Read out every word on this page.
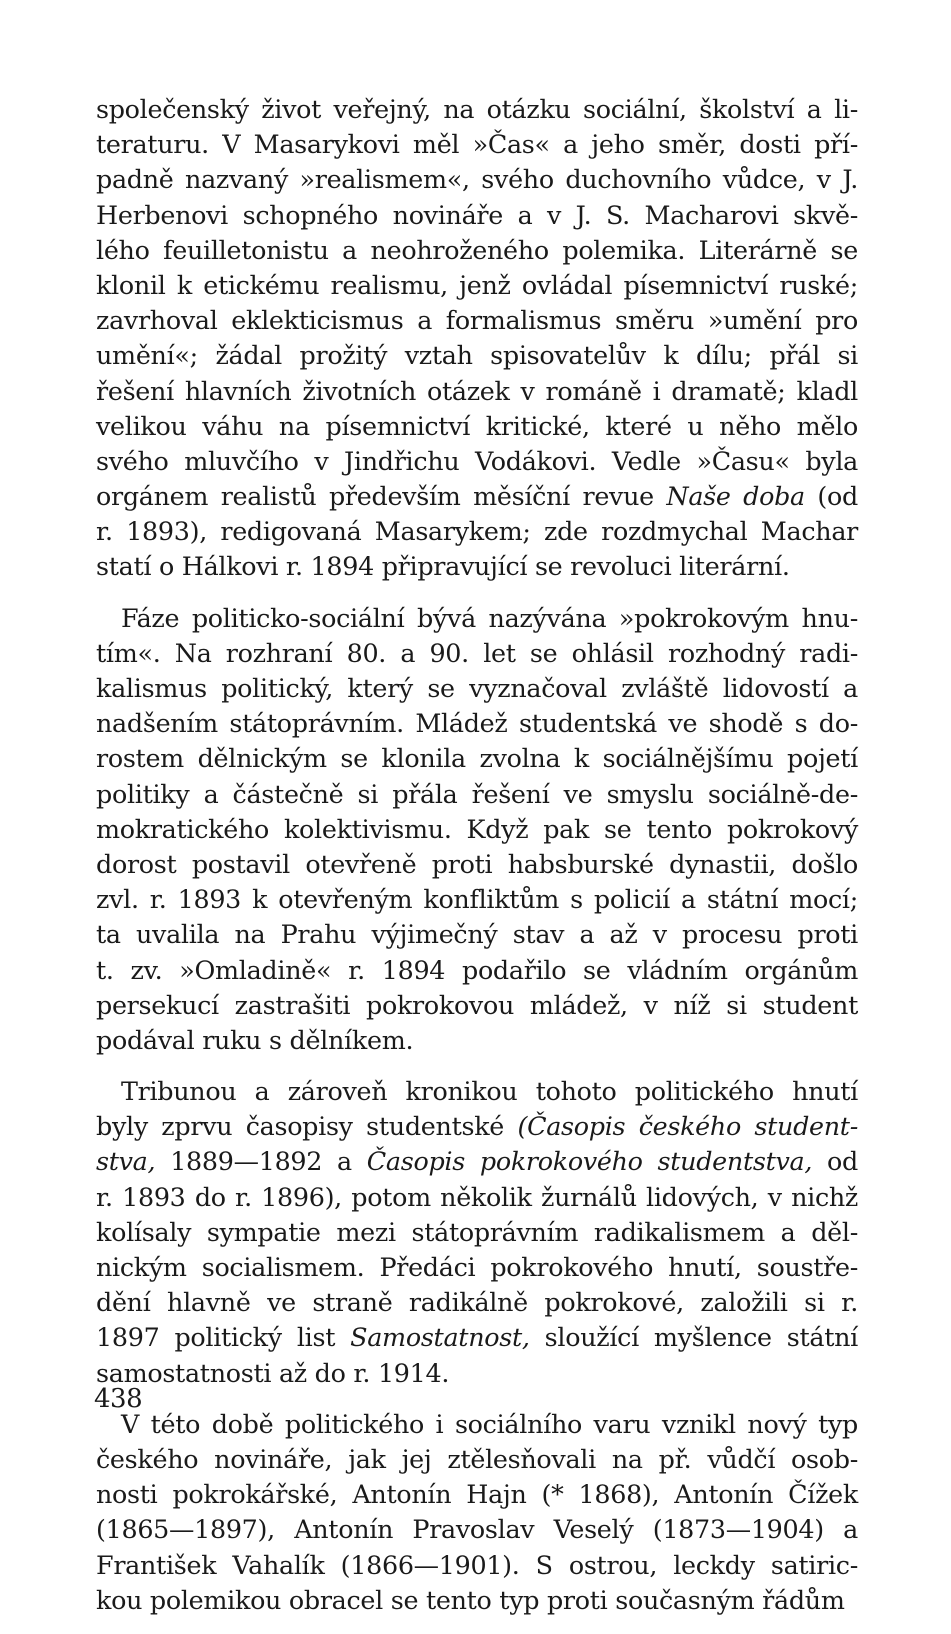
společenský život veřejný, na otázku sociální, školství a li-
teraturu. V Masarykovi měl »Čas« a jeho směr, dosti pří-
padně nazvaný »realismem«, svého duchovního vůdce, v J.
Herbenovi schopného novináře a v J. S. Macharovi skvě-
lého feuilletonistu a neohroženého polemika. Literárně se
klonil k etickému realismu, jenž ovládal písemnictví ruské;
zavrhoval eklekticismus a formalismus směru »umění pro
umění«; žádal prožitý vztah spisovatelův k dílu; přál si
řešení hlavních životních otázek v románě i dramatě; kladl
velikou váhu na písemnictví kritické, které u něho mělo
svého mluvčího v Jindřichu Vodákovi. Vedle »Času« byla
orgánem realistů především měsíční revue Naše doba (od
r. 1893), redigovaná Masarykem; zde rozdmychal Machar
statí o Hálkovi r. 1894 připravující se revoluci literární.
Fáze politicko-sociální bývá nazývána »pokrokovým hnu-
tím«. Na rozhraní 80. a 90. let se ohlásil rozhodný radi-
kalismus politický, který se vyznačoval zvláště lidovostí a
nadšením státoprávním. Mládež studentská ve shodě s do-
rostem dělnickým se klonila zvolna k sociálnějšímu pojetí
politiky a částečně si přála řešení ve smyslu sociálně-de-
mokratického kolektivismu. Když pak se tento pokrokový
dorost postavil otevřeně proti habsburské dynastii, došlo
zvl. r. 1893 k otevřeným konfliktům s policií a státní mocí;
ta uvalila na Prahu výjimečný stav a až v procesu proti
t. zv. »Omladině« r. 1894 podařilo se vládním orgánům
persekucí zastrašiti pokrokovou mládež, v níž si student
podával ruku s dělníkem.
Tribunou a zároveň kronikou tohoto politického hnutí
byly zprvu časopisy studentské (Časopis českého student-
stva, 1889—1892 a Časopis pokrokového studentstva, od
r. 1893 do r. 1896), potom několik žurnálů lidových, v nichž
kolísaly sympatie mezi státoprávním radikalismem a děl-
nickým socialismem. Předáci pokrokového hnutí, soustře-
dění hlavně ve straně radikálně pokrokové, založili si r.
1897 politický list Samostatnost, sloužící myšlence státní
samostatnosti až do r. 1914.
V této době politického i sociálního varu vznikl nový typ
českého novináře, jak jej ztělesňovali na př. vůdčí osob-
nosti pokrokářské, Antonín Hajn (* 1868), Antonín Čížek
(1865—1897), Antonín Pravoslav Veselý (1873—1904) a
František Vahalík (1866—1901). S ostrou, leckdy satiric-
kou polemikou obracel se tento typ proti současným řádům
438
